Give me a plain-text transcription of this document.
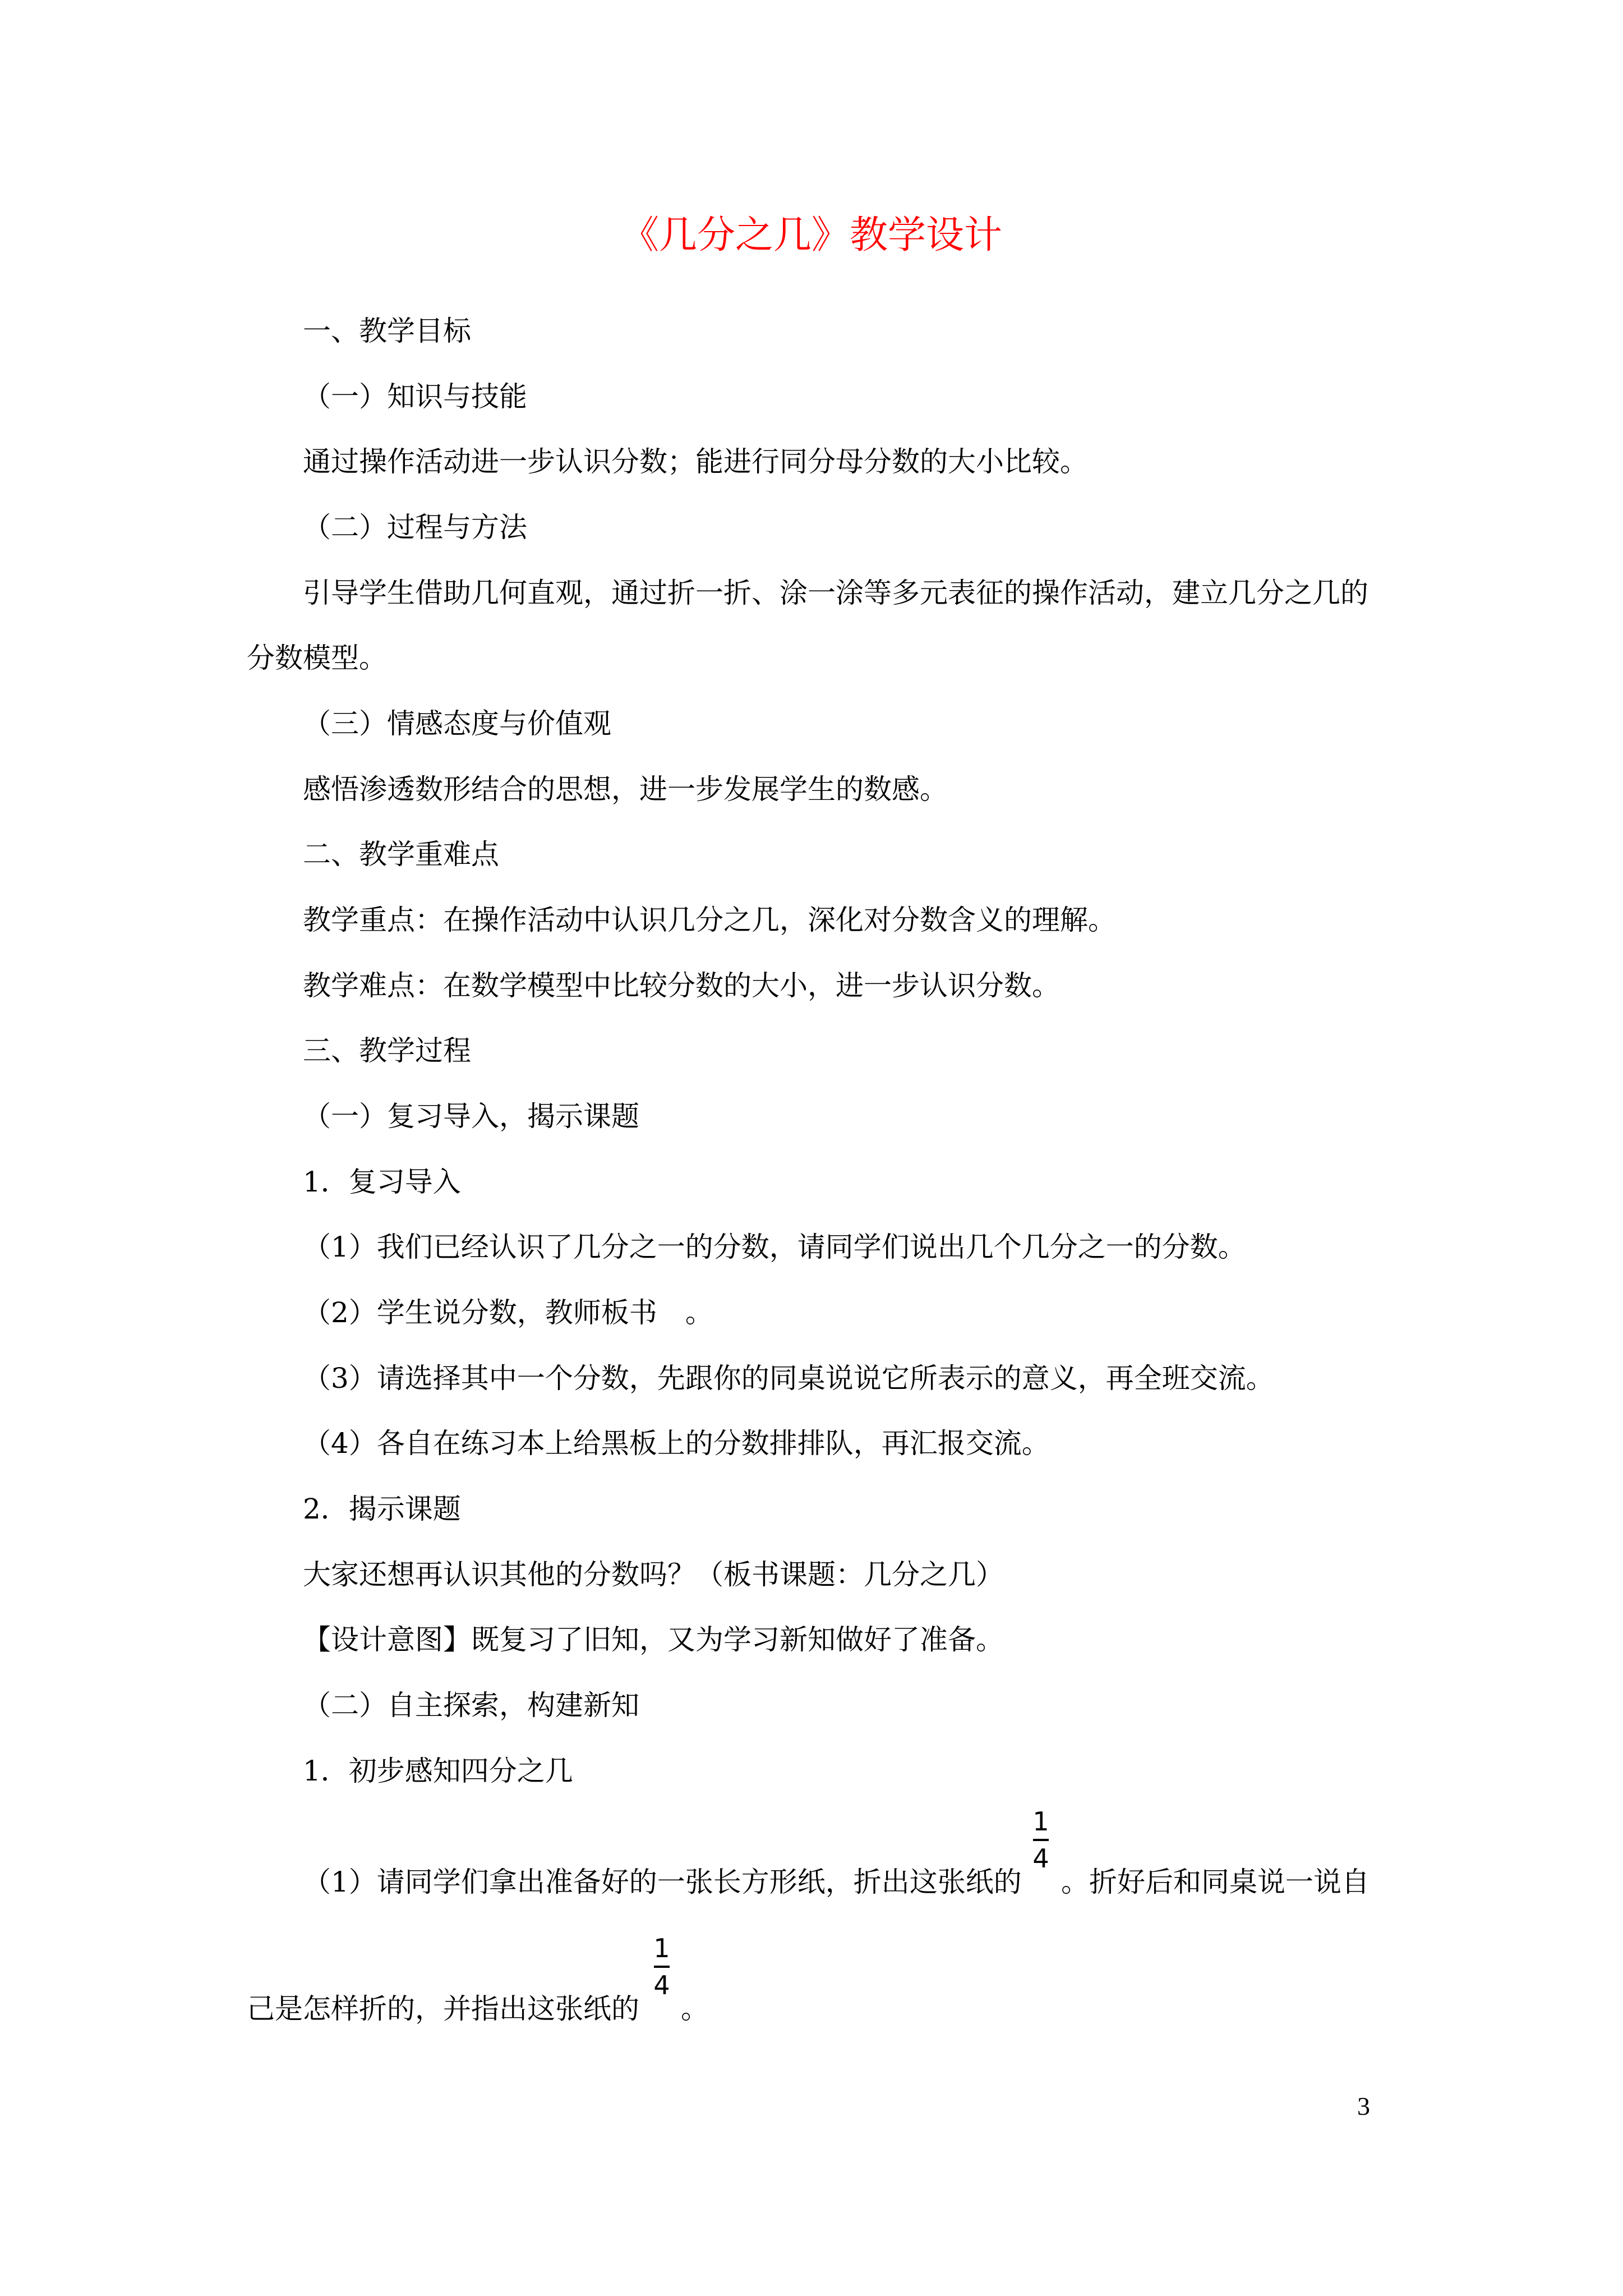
《几分之几》教学设计
一、教学目标
（一）知识与技能
通过操作活动进一步认识分数；能进行同分母分数的大小比较。
（二）过程与方法
引导学生借助几何直观，通过折一折、涂一涂等多元表征的操作活动，建立几分之几的
分数模型。
（三）情感态度与价值观
感悟渗透数形结合的思想，进一步发展学生的数感。
二、教学重难点
教学重点：在操作活动中认识几分之几，深化对分数含义的理解。
教学难点：在数学模型中比较分数的大小，进一步认识分数。
三、教学过程
（一）复习导入，揭示课题
1．复习导入
（1）我们已经认识了几分之一的分数，请同学们说出几个几分之一的分数。
（2）学生说分数，教师板书　。
（3）请选择其中一个分数，先跟你的同桌说说它所表示的意义，再全班交流。
（4）各自在练习本上给黑板上的分数排排队，再汇报交流。
2．揭示课题
大家还想再认识其他的分数吗？（板书课题：几分之几）
【设计意图】既复习了旧知，又为学习新知做好了准备。
（二）自主探索，构建新知
1．初步感知四分之几
（1）请同学们拿出准备好的一张长方形纸，折出这张纸的
1
4
。折好后和同桌说一说自
己是怎样折的，并指出这张纸的
1
4
。
3
